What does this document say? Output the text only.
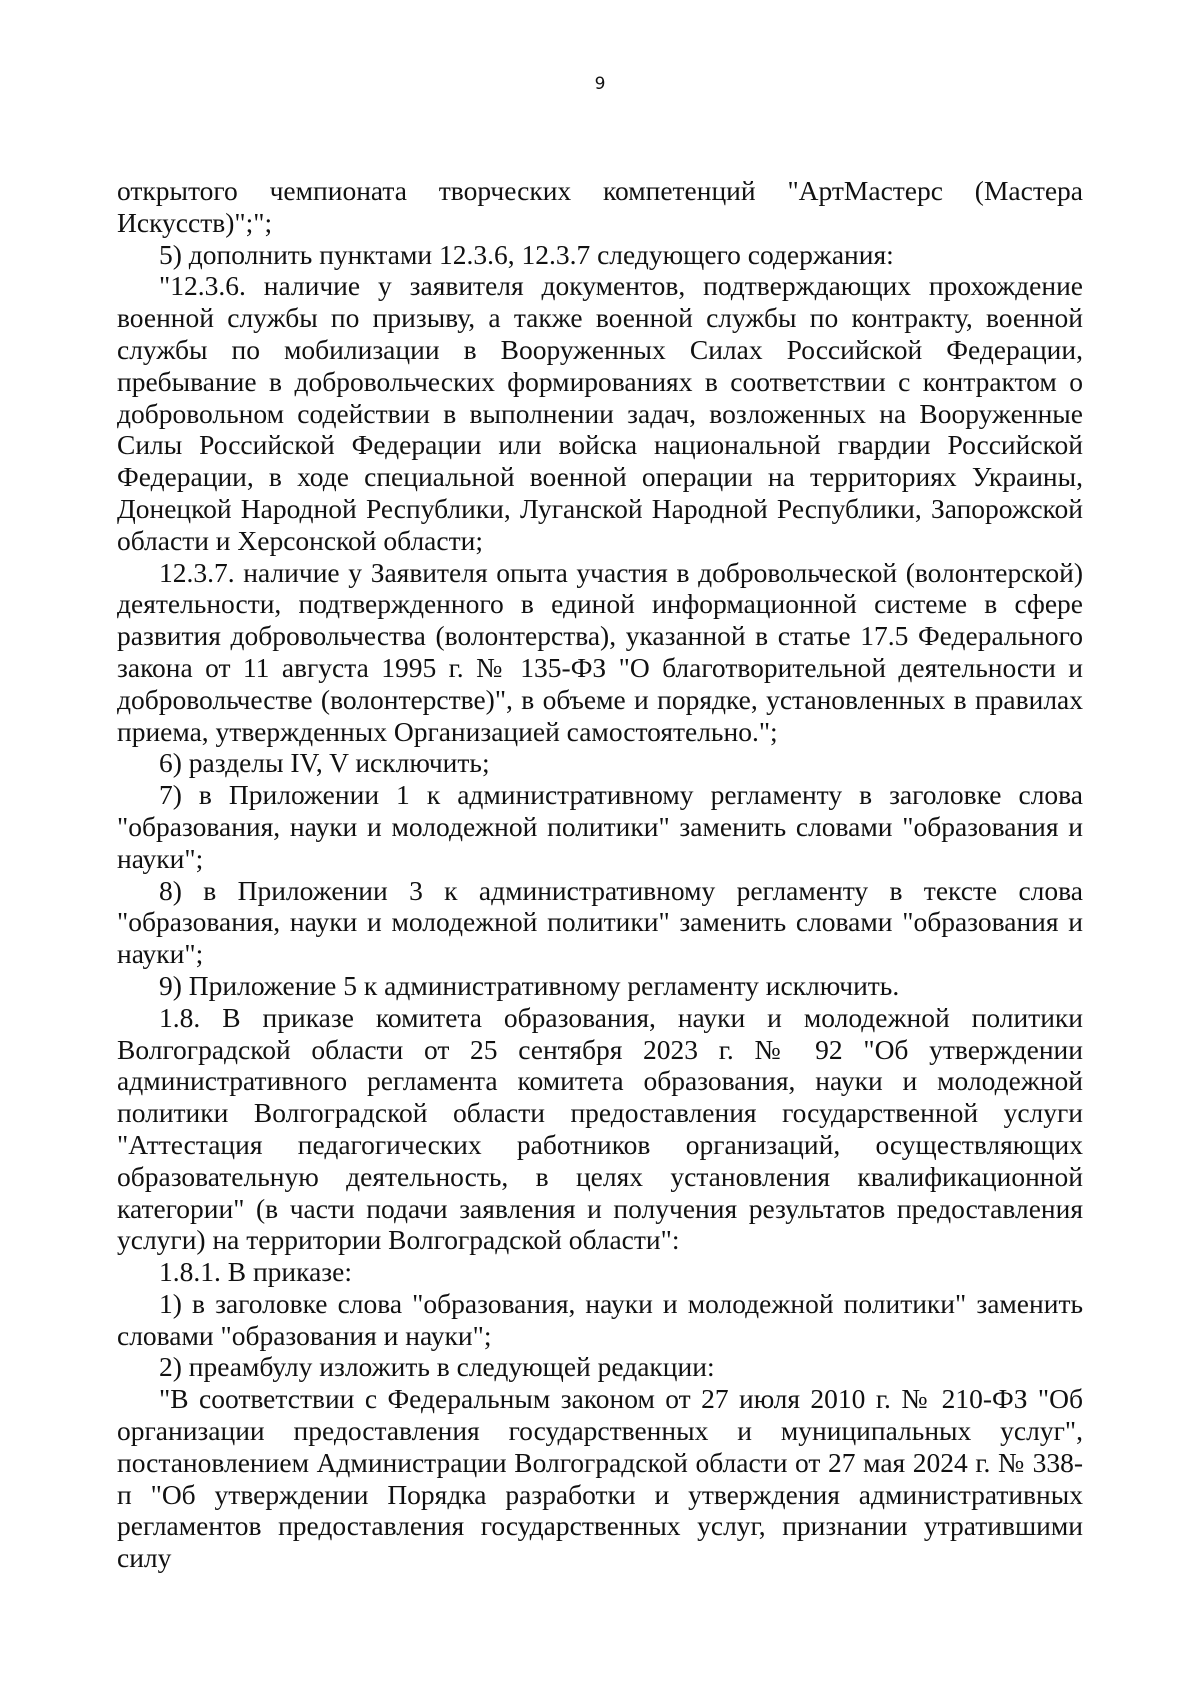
9

открытого чемпионата творческих компетенций "АртМастерс (Мастера Искусств)";";

5) дополнить пунктами 12.3.6, 12.3.7 следующего содержания:

"12.3.6. наличие у заявителя документов, подтверждающих прохождение военной службы по призыву, а также военной службы по контракту, военной службы по мобилизации в Вооруженных Силах Российской Федерации, пребывание в добровольческих формированиях в соответствии с контрактом о добровольном содействии в выполнении задач, возложенных на Вооруженные Силы Российской Федерации или войска национальной гвардии Российской Федерации, в ходе специальной военной операции на территориях Украины, Донецкой Народной Республики, Луганской Народной Республики, Запорожской области и Херсонской области;

12.3.7. наличие у Заявителя опыта участия в добровольческой (волонтерской) деятельности, подтвержденного в единой информационной системе в сфере развития добровольчества (волонтерства), указанной в статье 17.5 Федерального закона от 11 августа 1995 г. № 135-ФЗ "О благотворительной деятельности и добровольчестве (волонтерстве)", в объеме и порядке, установленных в правилах приема, утвержденных Организацией самостоятельно.";

6) разделы IV, V исключить;

7) в Приложении 1 к административному регламенту в заголовке слова "образования, науки и молодежной политики" заменить словами "образования и науки";

8) в Приложении 3 к административному регламенту в тексте слова "образования, науки и молодежной политики" заменить словами "образования и науки";

9) Приложение 5 к административному регламенту исключить.

1.8. В приказе комитета образования, науки и молодежной политики Волгоградской области от 25 сентября 2023 г. № 92 "Об утверждении административного регламента комитета образования, науки и молодежной политики Волгоградской области предоставления государственной услуги "Аттестация педагогических работников организаций, осуществляющих образовательную деятельность, в целях установления квалификационной категории" (в части подачи заявления и получения результатов предоставления услуги) на территории Волгоградской области":

1.8.1. В приказе:

1) в заголовке слова "образования, науки и молодежной политики" заменить словами "образования и науки";

2) преамбулу изложить в следующей редакции:

"В соответствии с Федеральным законом от 27 июля 2010 г. № 210-ФЗ "Об организации предоставления государственных и муниципальных услуг", постановлением Администрации Волгоградской области от 27 мая 2024 г. № 338-п "Об утверждении Порядка разработки и утверждения административных регламентов предоставления государственных услуг, признании утратившими силу
